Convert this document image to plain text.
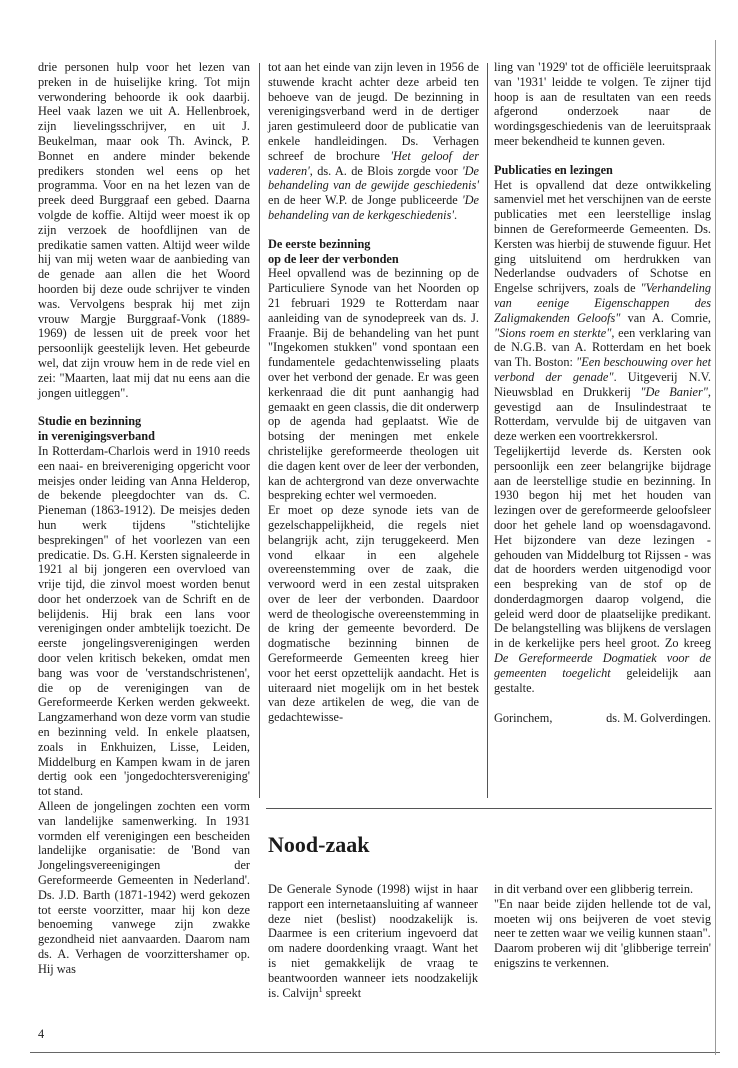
drie personen hulp voor het lezen van preken in de huiselijke kring. Tot mijn verwondering behoorde ik ook daarbij. Heel vaak lazen we uit A. Hellenbroek, zijn lievelingsschrijver, en uit J. Beukelman, maar ook Th. Avinck, P. Bonnet en andere minder bekende predikers stonden wel eens op het programma. Voor en na het lezen van de preek deed Burggraaf een gebed. Daarna volgde de koffie. Altijd weer moest ik op zijn verzoek de hoofdlijnen van de predikatie samen vatten. Altijd weer wilde hij van mij weten waar de aanbieding van de genade aan allen die het Woord hoorden bij deze oude schrijver te vinden was. Vervolgens besprak hij met zijn vrouw Margje Burggraaf-Vonk (1889-1969) de lessen uit de preek voor het persoonlijk geestelijk leven. Het gebeurde wel, dat zijn vrouw hem in de rede viel en zei: "Maarten, laat mij dat nu eens aan die jongen uitleggen".

Studie en bezinning
in verenigingsverband

In Rotterdam-Charlois werd in 1910 reeds een naai- en breivereniging opgericht voor meisjes onder leiding van Anna Helderop, de bekende pleegdochter van ds. C. Pieneman (1863-1912). De meisjes deden hun werk tijdens "stichtelijke besprekingen" of het voorlezen van een predicatie. Ds. G.H. Kersten signaleerde in 1921 al bij jongeren een overvloed van vrije tijd, die zinvol moest worden benut door het onderzoek van de Schrift en de belijdenis. Hij brak een lans voor verenigingen onder ambtelijk toezicht. De eerste jongelingsverenigingen werden door velen kritisch bekeken, omdat men bang was voor de 'verstandschristenen', die op de verenigingen van de Gereformeerde Kerken werden gekweekt. Langzamerhand won deze vorm van studie en bezinning veld. In enkele plaatsen, zoals in Enkhuizen, Lisse, Leiden, Middelburg en Kampen kwam in de jaren dertig ook een 'jongedochtersvereniging' tot stand.

Alleen de jongelingen zochten een vorm van landelijke samenwerking. In 1931 vormden elf verenigingen een bescheiden landelijke organisatie: de 'Bond van Jongelingsvereenigingen der Gereformeerde Gemeenten in Nederland'. Ds. J.D. Barth (1871-1942) werd gekozen tot eerste voorzitter, maar hij kon deze benoeming vanwege zijn zwakke gezondheid niet aanvaarden. Daarom nam ds. A. Verhagen de voorzittershamer op. Hij was

tot aan het einde van zijn leven in 1956 de stuwende kracht achter deze arbeid ten behoeve van de jeugd. De bezinning in verenigingsverband werd in de dertiger jaren gestimuleerd door de publicatie van enkele handleidingen. Ds. Verhagen schreef de brochure 'Het geloof der vaderen', ds. A. de Blois zorgde voor 'De behandeling van de gewijde geschiedenis' en de heer W.P. de Jonge publiceerde 'De behandeling van de kerkgeschiedenis'.

De eerste bezinning
op de leer der verbonden

Heel opvallend was de bezinning op de Particuliere Synode van het Noorden op 21 februari 1929 te Rotterdam naar aanleiding van de synodepreek van ds. J. Fraanje. Bij de behandeling van het punt "Ingekomen stukken" vond spontaan een fundamentele gedachtenwisseling plaats over het verbond der genade. Er was geen kerkenraad die dit punt aanhangig had gemaakt en geen classis, die dit onderwerp op de agenda had geplaatst. Wie de botsing der meningen met enkele christelijke gereformeerde theologen uit die dagen kent over de leer der verbonden, kan de achtergrond van deze onverwachte bespreking echter wel vermoeden.

Er moet op deze synode iets van de gezelschappelijkheid, die regels niet belangrijk acht, zijn teruggekeerd. Men vond elkaar in een algehele overeenstemming over de zaak, die verwoord werd in een zestal uitspraken over de leer der verbonden. Daardoor werd de theologische overeenstemming in de kring der gemeente bevorderd. De dogmatische bezinning binnen de Gereformeerde Gemeenten kreeg hier voor het eerst opzettelijk aandacht. Het is uiteraard niet mogelijk om in het bestek van deze artikelen de weg, die van de gedachtewisse-

ling van '1929' tot de officiële leeruitspraak van '1931' leidde te volgen. Te zijner tijd hoop is aan de resultaten van een reeds afgerond onderzoek naar de wordingsgeschiedenis van de leeruitspraak meer bekendheid te kunnen geven.

Publicaties en lezingen

Het is opvallend dat deze ontwikkeling samenviel met het verschijnen van de eerste publicaties met een leerstellige inslag binnen de Gereformeerde Gemeenten. Ds. Kersten was hierbij de stuwende figuur. Het ging uitsluitend om herdrukken van Nederlandse oudvaders of Schotse en Engelse schrijvers, zoals de "Verhandeling van eenige Eigenschappen des Zaligmakenden Geloofs" van A. Comrie, "Sions roem en sterkte", een verklaring van de N.G.B. van A. Rotterdam en het boek van Th. Boston: "Een beschouwing over het verbond der genade". Uitgeverij N.V. Nieuwsblad en Drukkerij "De Banier", gevestigd aan de Insulindestraat te Rotterdam, vervulde bij de uitgaven van deze werken een voortrekkersrol.

Tegelijkertijd leverde ds. Kersten ook persoonlijk een zeer belangrijke bijdrage aan de leerstellige studie en bezinning. In 1930 begon hij met het houden van lezingen over de gereformeerde geloofsleer door het gehele land op woensdagavond. Het bijzondere van deze lezingen - gehouden van Middelburg tot Rijssen - was dat de hoorders werden uitgenodigd voor een bespreking van de stof op de donderdagmorgen daarop volgend, die geleid werd door de plaatselijke predikant. De belangstelling was blijkens de verslagen in de kerkelijke pers heel groot. Zo kreeg De Gereformeerde Dogmatiek voor de gemeenten toegelicht geleidelijk aan gestalte.

Gorinchem,	ds. M. Golverdingen.
Nood-zaak

De Generale Synode (1998) wijst in haar rapport een internetaansluiting af wanneer deze niet (beslist) noodzakelijk is. Daarmee is een criterium ingevoerd dat om nadere doordenking vraagt. Want het is niet gemakkelijk de vraag te beantwoorden wanneer iets noodzakelijk is. Calvijn$^1$ spreekt

in dit verband over een glibberig terrein.

"En naar beide zijden hellende tot de val, moeten wij ons beijveren de voet stevig neer te zetten waar we veilig kunnen staan".

Daarom proberen wij dit 'glibberige terrein' enigszins te verkennen.

4
